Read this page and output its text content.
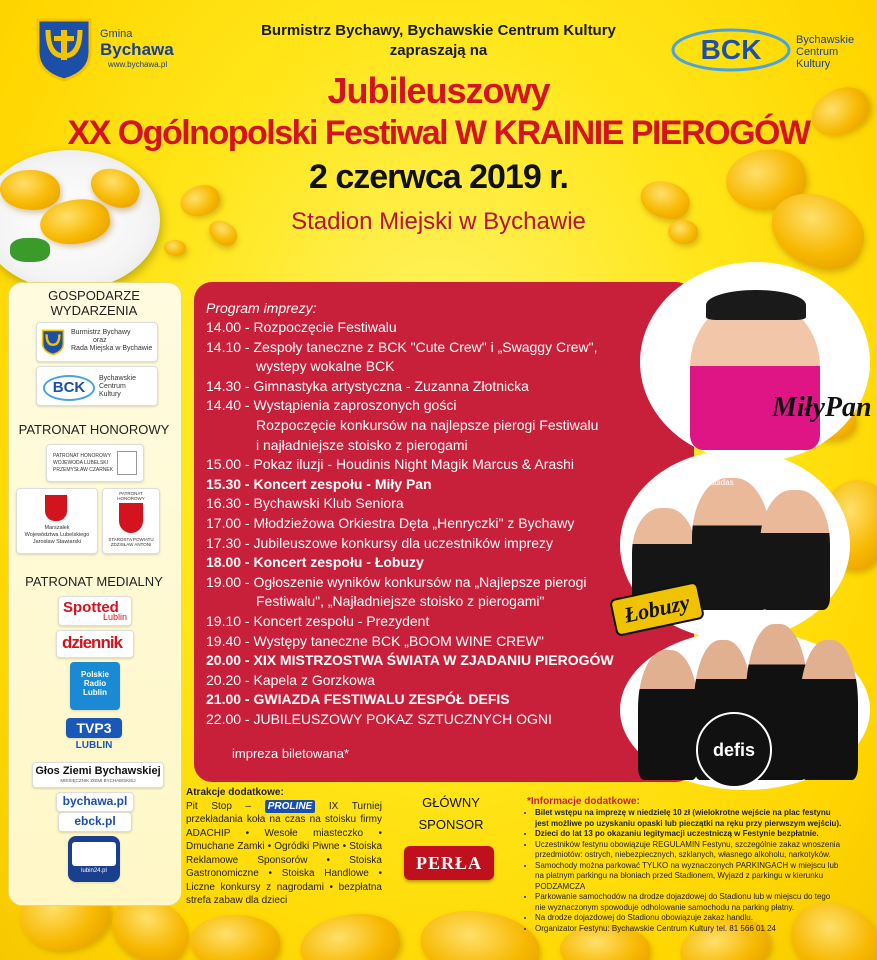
Gmina
Bychawa
www.bychawa.pl
Burmistrz Bychawy, Bychawskie Centrum Kultury
zapraszają na	BCK	Bychawskie
Centrum
Kultury
Jubileuszowy
XX Ogólnopolski Festiwal W KRAINIE PIEROGÓW
2 czerwca 2019 r.
Stadion Miejski w Bychawie
GOSPODARZE
WYDARZENIA
Burmistrz Bychawy
oraz
Rada Miejska w Bychawie
BCK
Bychawskie
Centrum
Kultury
PATRONAT HONOROWY
PATRONAT HONOROWY
WOJEWODA LUBELSKI
PRZEMYSŁAW CZARNEK
Marszałek
Województwa Lubelskiego
Jarosław Stawiarski
PATRONAT
HONOROWY
STAROSTA POWIATU
ZDZISŁAW ANTONI
PATRONAT MEDIALNY
Spotted
Lublin
dziennik
Polskie
Radio
Lublin
TVP3
LUBLIN
Głos Ziemi Bychawskiej
MIESIĘCZNIK ZIEMI BYCHAWSKIEJ
bychawa.pl
ebck.pl
lubin24.pl
Program imprezy:
14.00 - Rozpoczęcie Festiwalu
14.10 - Zespoły taneczne z BCK "Cute Crew" i „Swaggy Crew",
wystepy wokalne BCK
14.30 - Gimnastyka artystyczna - Zuzanna Złotnicka
14.40 - Wystąpienia zaproszonych gości
Rozpoczęcie konkursów na najlepsze pierogi Festiwalu
i najładniejsze stoisko z pierogami
15.00 - Pokaz iluzji - Houdinis Night Magik Marcus & Arashi
15.30 - Koncert zespołu - Miły Pan
16.30 - Bychawski Klub Seniora
17.00 - Młodzieżowa Orkiestra Dęta „Henryczki" z Bychawy
17.30 - Jubileuszowe konkursy dla uczestników imprezy
18.00 - Koncert zespołu - Łobuzy
19.00 - Ogłoszenie wyników konkursów na „Najlepsze pierogi
Festiwalu", „Najładniejsze stoisko z pierogami"
19.10 - Koncert zespołu - Prezydent
19.40 - Występy taneczne BCK „BOOM WINE CREW"
20.00 - XIX MISTRZOSTWA ŚWIATA W ZJADANIU PIEROGÓW
20.20 - Kapela z Gorzkowa
21.00 - GWIAZDA FESTIWALU ZESPÓŁ DEFIS
22.00 - JUBILEUSZOWY POKAZ SZTUCZNYCH OGNI
impreza biletowana*
MiłyPan
adidas
Łobuzy
defis
Atrakcje dodatkowe:
Pit Stop – PROLINE IX Turniej przekładania koła na czas na stoisku firmy ADACHIP • Wesołe miasteczko • Dmuchane Zamki • Ogródki Piwne • Stoiska Reklamowe Sponsorów • Stoiska Gastronomiczne • Stoiska Handlowe • Liczne konkursy z nagrodami • bezpłatna strefa zabaw dla dzieci
GŁÓWNY
SPONSOR
PERŁA
*Informacje dodatkowe:
• Bilet wstępu na imprezę w niedzielę 10 zł (wielokrotne wejście na plac festynu jest możliwe po uzyskaniu opaski lub pieczątki na ręku przy pierwszym wejściu).
• Dzieci do lat 13 po okazaniu legitymacji uczestniczą w Festynie bezpłatnie.
• Uczestników festynu obowiązuje REGULAMIN Festynu, szczególnie zakaz wnoszenia przedmiotów: ostrych, niebezpiecznych, szklanych, własnego alkoholu, narkotyków.
• Samochody można parkować TYLKO na wyznaczonych PARKINGACH w miejscu lub na płatnym parkingu na błoniach przed Stadionem, Wyjazd z parkingu w kierunku PODZAMCZA
• Parkowanie samochodów na drodze dojazdowej do Stadionu lub w miejscu do tego nie wyznaczonym spowoduje odholowanie samochodu na parking płatny.
• Na drodze dojazdowej do Stadionu obowiązuje zakaz handlu.
• Organizator Festynu: Bychawskie Centrum Kultury tel. 81 566 01 24
